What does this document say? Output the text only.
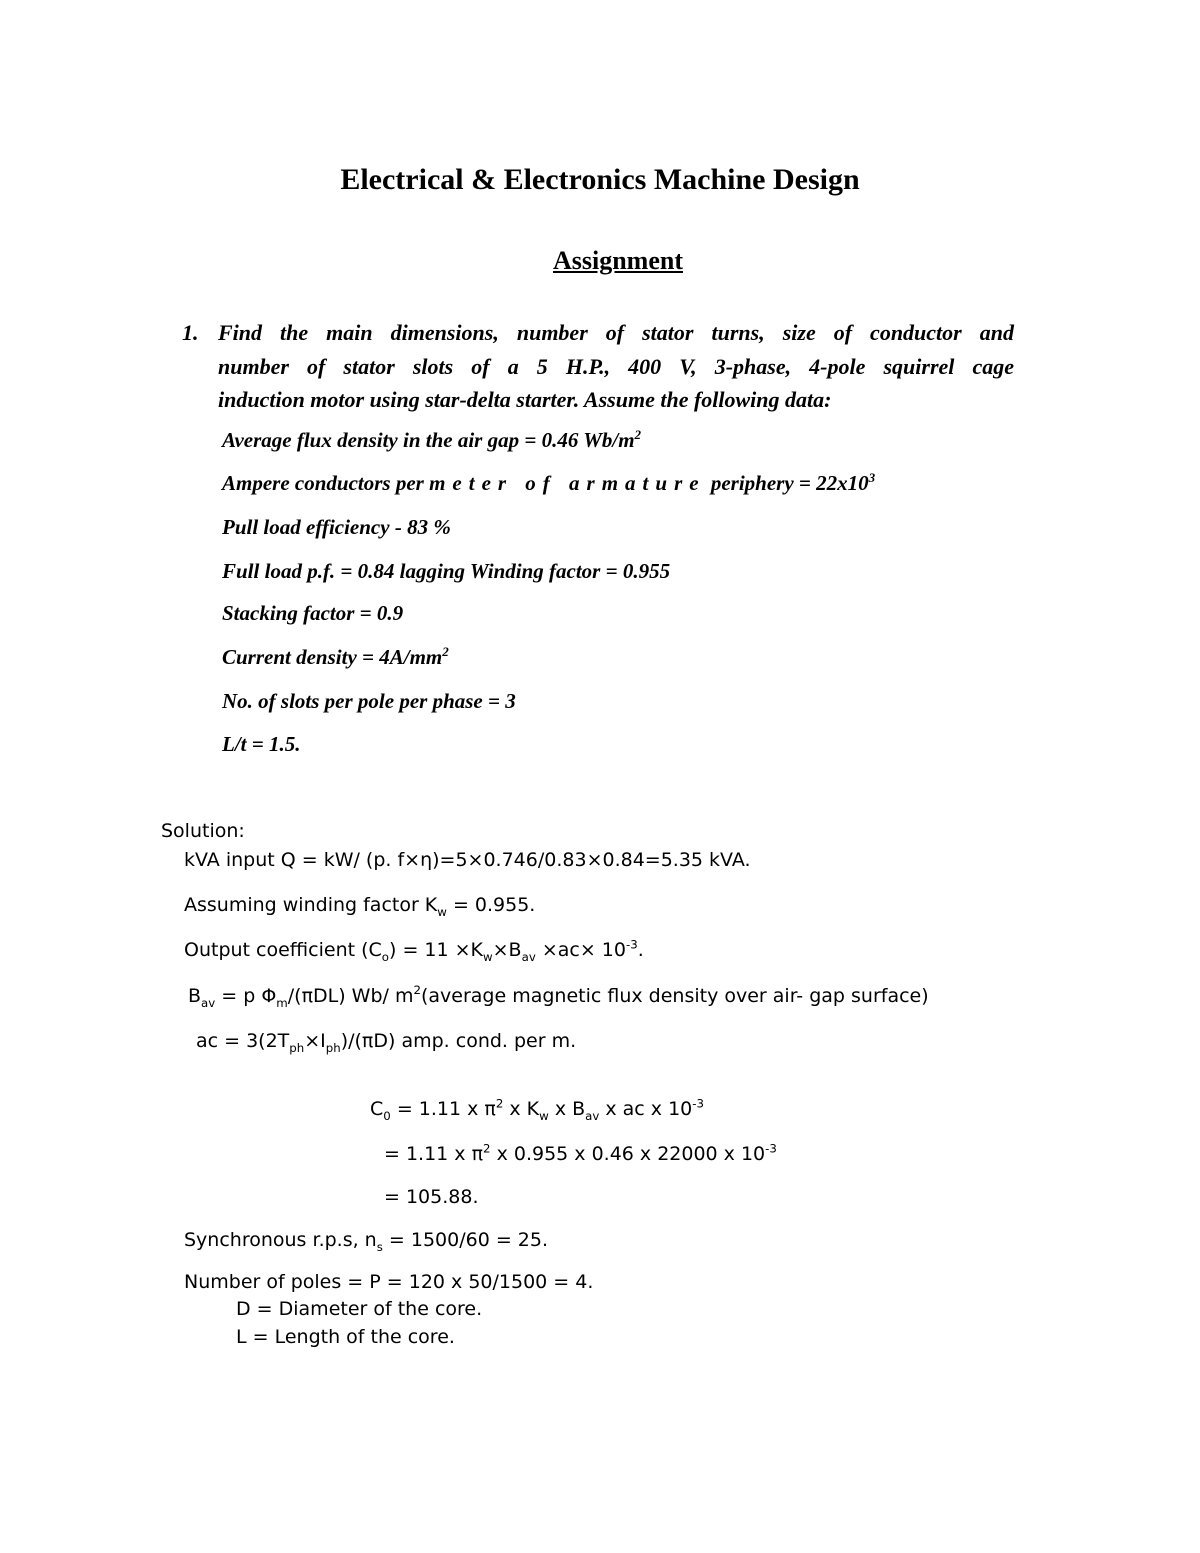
Electrical & Electronics Machine Design
Assignment
1. Find the main dimensions, number of stator turns, size of conductor and
number of stator slots of a 5 H.P., 400 V, 3-phase, 4-pole squirrel cage
induction motor using star-delta starter. Assume the following data:
Average flux density in the air gap = 0.46 $Wb/m^2$
Ampere conductors per meter of armature periphery = $22x10^3$
Pull load efficiency - 83 %
Full load p.f. = 0.84 lagging Winding factor = 0.955
Stacking factor = 0.9
Current density = $4A/mm^2$
No. of slots per pole per phase = 3
L/t = 1.5.
Solution:
kVA input Q = kW/ (p. f×η)=5×0.746/0.83×0.84=5.35 kVA.
Assuming winding factor $K_w = 0.955$.
Output coefficient $(C_o) = 11 \times K_w\times B_{av} \times ac\times 10^{-3}$.
$B_{av} = p$ $\Phi_m/(\pi DL)$ Wb/ $m^2(average$ magnetic flux density over air- gap surface)
ac = $3(2T_{ph}\times I_{ph})/(\pi D)$ amp. cond. per m.
$C_0 = 1.11$ x $\pi^2$ x $K_w$ x $B_{av}$ x ac x $10^{-3}$
= 1.11 x $\pi^2$ x 0.955 x 0.46 x 22000 x $10^{-3}$
= 105.88.
Synchronous r.p.s, $n_s = 1500/60 = 25$.
Number of poles = P = 120 x 50/1500 = 4.
D = Diameter of the core.
L = Length of the core.
